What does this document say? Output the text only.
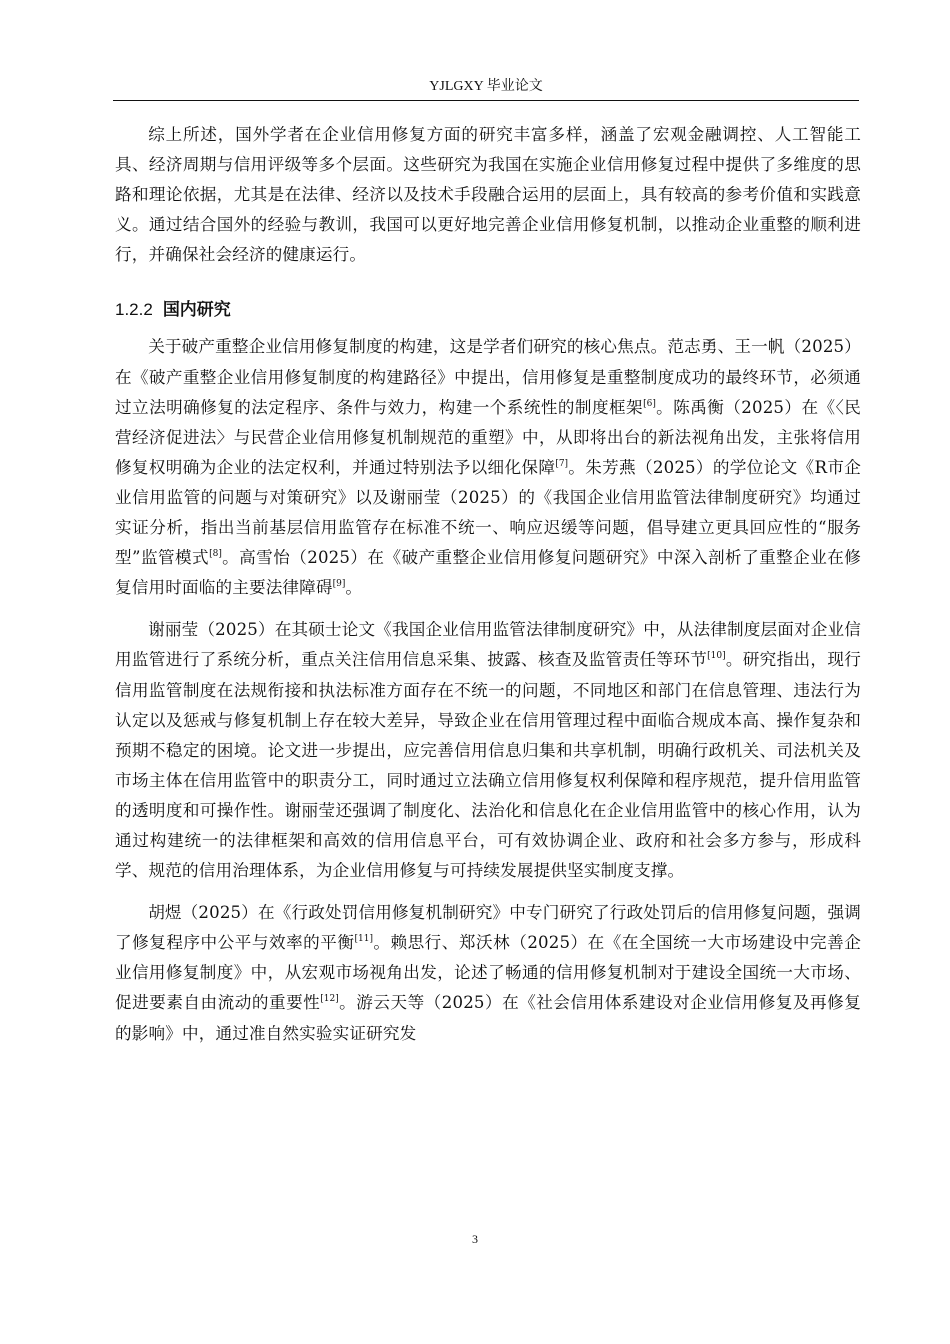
YJLGXY 毕业论文

综上所述，国外学者在企业信用修复方面的研究丰富多样，涵盖了宏观金融调控、人工智能工具、经济周期与信用评级等多个层面。这些研究为我国在实施企业信用修复过程中提供了多维度的思路和理论依据，尤其是在法律、经济以及技术手段融合运用的层面上，具有较高的参考价值和实践意义。通过结合国外的经验与教训，我国可以更好地完善企业信用修复机制，以推动企业重整的顺利进行，并确保社会经济的健康运行。

1.2.2 国内研究

关于破产重整企业信用修复制度的构建，这是学者们研究的核心焦点。范志勇、王一帆（2025）在《破产重整企业信用修复制度的构建路径》中提出，信用修复是重整制度成功的最终环节，必须通过立法明确修复的法定程序、条件与效力，构建一个系统性的制度框架[6]。陈禹衡（2025）在《〈民营经济促进法〉与民营企业信用修复机制规范的重塑》中，从即将出台的新法视角出发，主张将信用修复权明确为企业的法定权利，并通过特别法予以细化保障[7]。朱芳燕（2025）的学位论文《R市企业信用监管的问题与对策研究》以及谢丽莹（2025）的《我国企业信用监管法律制度研究》均通过实证分析，指出当前基层信用监管存在标准不统一、响应迟缓等问题，倡导建立更具回应性的“服务型”监管模式[8]。高雪怡（2025）在《破产重整企业信用修复问题研究》中深入剖析了重整企业在修复信用时面临的主要法律障碍[9]。

谢丽莹（2025）在其硕士论文《我国企业信用监管法律制度研究》中，从法律制度层面对企业信用监管进行了系统分析，重点关注信用信息采集、披露、核查及监管责任等环节[10]。研究指出，现行信用监管制度在法规衔接和执法标准方面存在不统一的问题，不同地区和部门在信息管理、违法行为认定以及惩戒与修复机制上存在较大差异，导致企业在信用管理过程中面临合规成本高、操作复杂和预期不稳定的困境。论文进一步提出，应完善信用信息归集和共享机制，明确行政机关、司法机关及市场主体在信用监管中的职责分工，同时通过立法确立信用修复权利保障和程序规范，提升信用监管的透明度和可操作性。谢丽莹还强调了制度化、法治化和信息化在企业信用监管中的核心作用，认为通过构建统一的法律框架和高效的信用信息平台，可有效协调企业、政府和社会多方参与，形成科学、规范的信用治理体系，为企业信用修复与可持续发展提供坚实制度支撑。

胡煜（2025）在《行政处罚信用修复机制研究》中专门研究了行政处罚后的信用修复问题，强调了修复程序中公平与效率的平衡[11]。赖思行、郑沃林（2025）在《在全国统一大市场建设中完善企业信用修复制度》中，从宏观市场视角出发，论述了畅通的信用修复机制对于建设全国统一大市场、促进要素自由流动的重要性[12]。游云天等（2025）在《社会信用体系建设对企业信用修复及再修复的影响》中，通过准自然实验实证研究发

3
